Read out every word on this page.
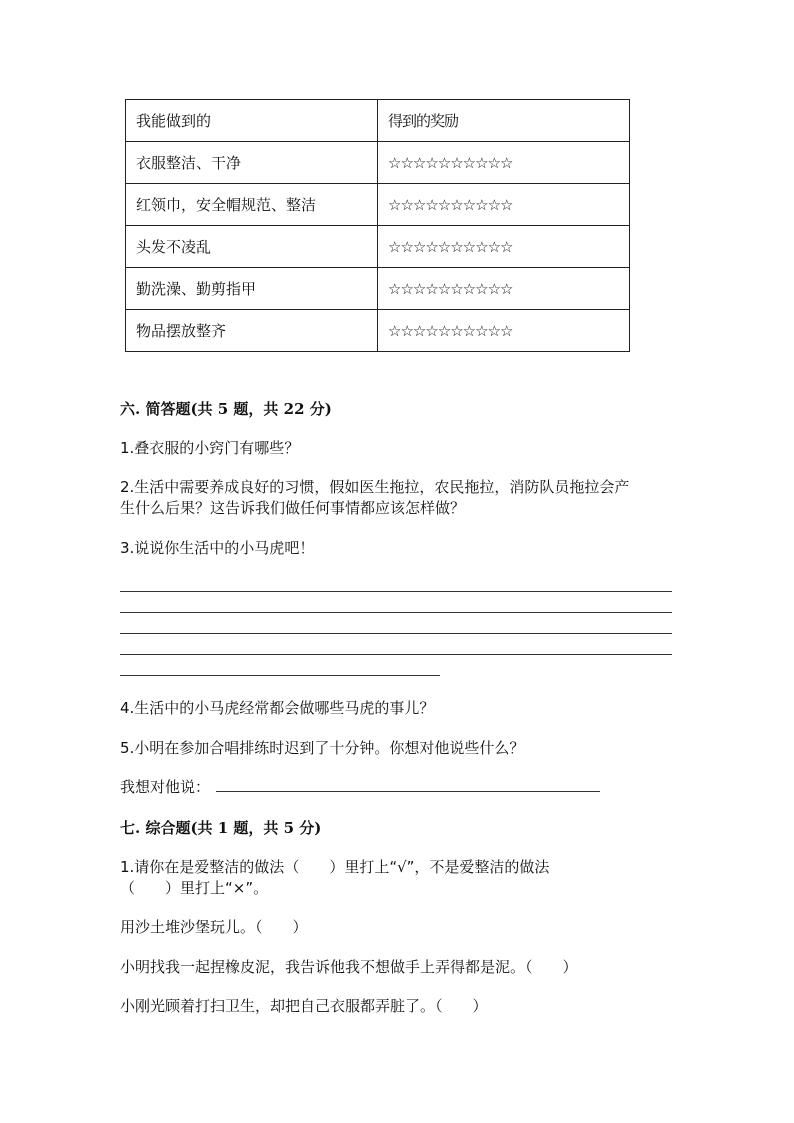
我能做到的	得到的奖励
衣服整洁、干净	☆☆☆☆☆☆☆☆☆☆
红领巾，安全帽规范、整洁	☆☆☆☆☆☆☆☆☆☆
头发不凌乱	☆☆☆☆☆☆☆☆☆☆
勤洗澡、勤剪指甲	☆☆☆☆☆☆☆☆☆☆
物品摆放整齐	☆☆☆☆☆☆☆☆☆☆
六. 简答题(共 5 题，共 22 分)
1.叠衣服的小窍门有哪些？
2.生活中需要养成良好的习惯，假如医生拖拉，农民拖拉，消防队员拖拉会产
生什么后果？这告诉我们做任何事情都应该怎样做？
3.说说你生活中的小马虎吧！
4.生活中的小马虎经常都会做哪些马虎的事儿？
5.小明在参加合唱排练时迟到了十分钟。你想对他说些什么？
我想对他说：
七. 综合题(共 1 题，共 5 分)
1.请你在是爱整洁的做法（　　）里打上“√”，不是爱整洁的做法
（　　）里打上“×”。
用沙土堆沙堡玩儿。（　　）
小明找我一起捏橡皮泥，我告诉他我不想做手上弄得都是泥。（　　）
小刚光顾着打扫卫生，却把自己衣服都弄脏了。（　　）
